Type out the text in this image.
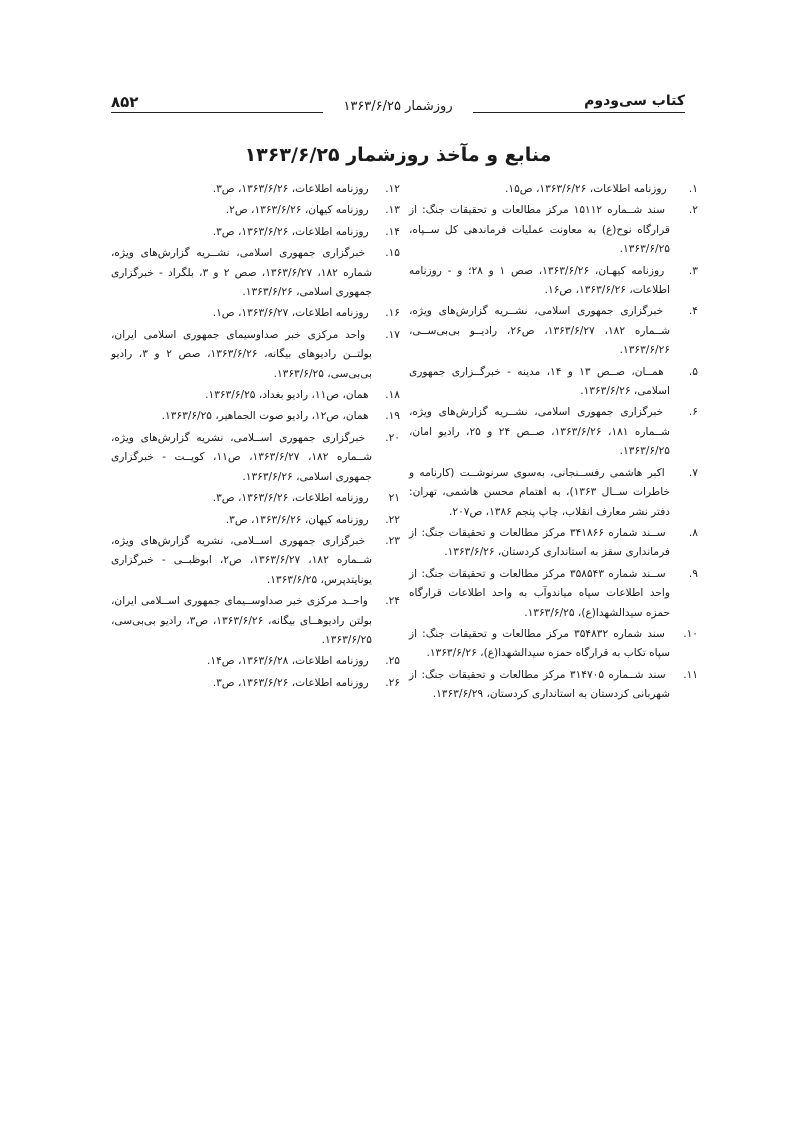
۸۵۲	روزشمار ۱۳۶۳/۶/۲۵	کتاب سی‌ودوم
منابع و مآخذ روزشمار ۱۳۶۳/۶/۲۵

۱. روزنامه اطلاعات، ۱۳۶۳/۶/۲۶، ص۱۵.

۲. سند شــماره ۱۵۱۱۲ مرکز مطالعات و تحقیقات جنگ: از قرارگاه نوح(ع) به معاونت عملیات فرماندهی کل ســپاه، ۱۳۶۳/۶/۲۵.

۳. روزنامه کیهـان، ۱۳۶۳/۶/۲۶، صص ۱ و ۲۸؛ و - روزنامه اطلاعات، ۱۳۶۳/۶/۲۶، ص۱۶.

۴. خبرگزاری جمهوری اسلامی، نشــریه گزارش‌های ویژه، شــماره ۱۸۲، ۱۳۶۳/۶/۲۷، ص۲۶، رادیــو بی‌بی‌ســی، ۱۳۶۳/۶/۲۶.

۵. همــان، صــص ۱۳ و ۱۴، مدینه - خبرگــزاری جمهوری اسلامی، ۱۳۶۳/۶/۲۶.

۶. خبرگزاری جمهوری اسلامی، نشــریه گزارش‌های ویژه، شــماره ۱۸۱، ۱۳۶۳/۶/۲۶، صــص ۲۴ و ۲۵، رادیو امان، ۱۳۶۳/۶/۲۵.

۷. اکبر هاشمی رفســنجانی، به‌سوی سرنوشــت (کارنامه و خاطرات ســال ۱۳۶۳)، به اهتمام محسن هاشمی، تهران: دفتر نشر معارف انقلاب، چاپ پنجم ۱۳۸۶، ص۲۰۷.

۸. ســند شماره ۳۴۱۸۶۶ مرکز مطالعات و تحقیقات جنگ: از فرمانداری سقز به استانداری کردستان، ۱۳۶۳/۶/۲۶.

۹. ســند شماره ۳۵۸۵۴۳ مرکز مطالعات و تحقیقات جنگ: از واحد اطلاعات سپاه میاندوآب به واحد اطلاعات قرارگاه حمزه سیدالشهدا(ع)، ۱۳۶۳/۶/۲۵.

۱۰. سند شماره ۳۵۴۸۳۲ مرکز مطالعات و تحقیقات جنگ: از سپاه تکاب به قرارگاه حمزه سیدالشهدا(ع)، ۱۳۶۳/۶/۲۶.

۱۱. سند شــماره ۳۱۴۷۰۵ مرکز مطالعات و تحقیقات جنگ: از شهربانی کردستان به استانداری کردستان، ۱۳۶۳/۶/۲۹.

۱۲. روزنامه اطلاعات، ۱۳۶۳/۶/۲۶، ص۳.

۱۳. روزنامه کیهان، ۱۳۶۳/۶/۲۶، ص۲.

۱۴. روزنامه اطلاعات، ۱۳۶۳/۶/۲۶، ص۳.

۱۵. خبرگزاری جمهوری اسلامی، نشــریه گزارش‌های ویژه، شماره ۱۸۲، ۱۳۶۳/۶/۲۷، صص ۲ و ۳، بلگراد - خبرگزاری جمهوری اسلامی، ۱۳۶۳/۶/۲۶.

۱۶. روزنامه اطلاعات، ۱۳۶۳/۶/۲۷، ص۱.

۱۷. واحد مرکزی خبر صداوسیمای جمهوری اسلامی ایران، بولتــن رادیوهای بیگانه، ۱۳۶۳/۶/۲۶، صص ۲ و ۳، رادیو بی‌بی‌سی، ۱۳۶۳/۶/۲۵.

۱۸. همان، ص۱۱، رادیو بغداد، ۱۳۶۳/۶/۲۵.

۱۹. همان، ص۱۲، رادیو صوت الجماهیر، ۱۳۶۳/۶/۲۵.

۲۰. خبرگزاری جمهوری اســلامی، نشریه گزارش‌های ویژه، شــماره ۱۸۲، ۱۳۶۳/۶/۲۷، ص۱۱، کویــت - خبرگزاری جمهوری اسلامی، ۱۳۶۳/۶/۲۶.

۲۱ روزنامه اطلاعات، ۱۳۶۳/۶/۲۶، ص۳.

۲۲. روزنامه کیهان، ۱۳۶۳/۶/۲۶، ص۳.

۲۳. خبرگزاری جمهوری اســلامی، نشریه گزارش‌های ویژه، شــماره ۱۸۲، ۱۳۶۳/۶/۲۷، ص۲، ابوظبــی - خبرگزاری یونایتدپرس، ۱۳۶۳/۶/۲۵.

۲۴. واحــد مرکزی خبر صداوســیمای جمهوری اســلامی ایران، بولتن رادیوهــای بیگانه، ۱۳۶۳/۶/۲۶، ص۳، رادیو بی‌بی‌سی، ۱۳۶۳/۶/۲۵.

۲۵. روزنامه اطلاعات، ۱۳۶۳/۶/۲۸، ص۱۴.

۲۶. روزنامه اطلاعات، ۱۳۶۳/۶/۲۶، ص۳.
